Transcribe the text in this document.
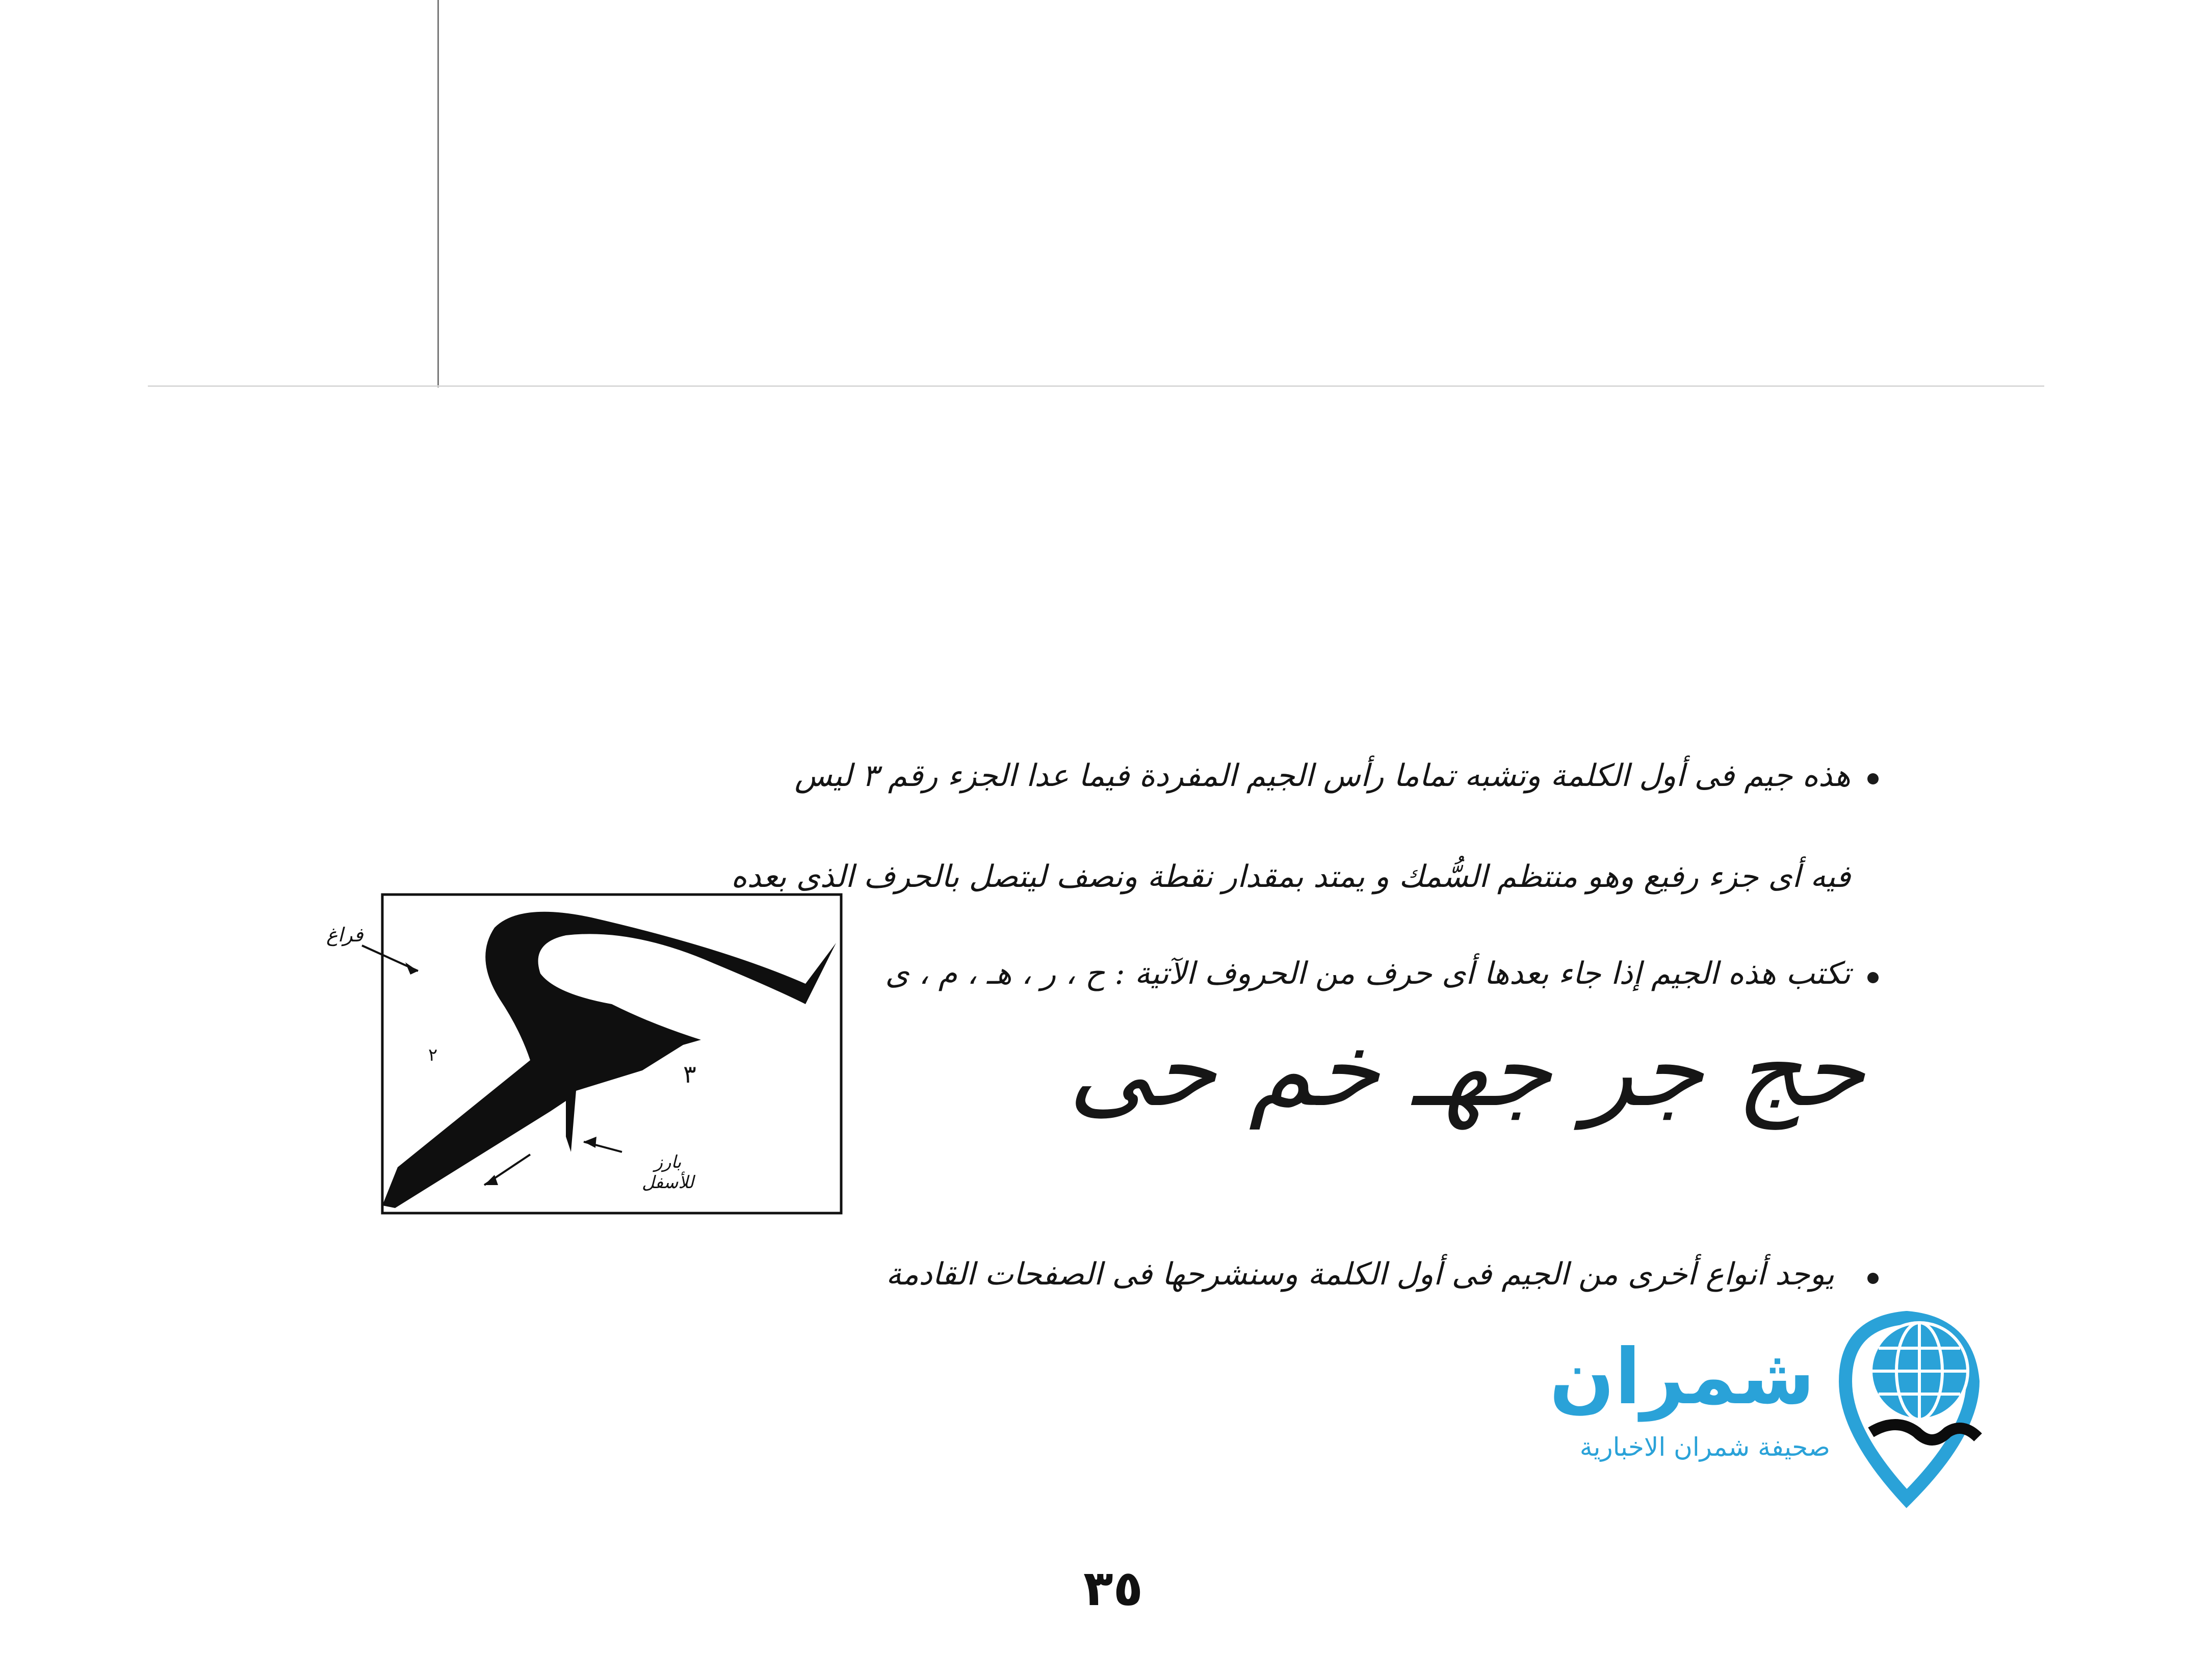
فراغ
بارز للأسفل
٢
٣
هذه جيم فى أول الكلمة وتشبه تماما رأس الجيم المفردة فيما عدا الجزء رقم ٣ ليس
فيه أى جزء رفيع وهو منتظم السُّمك و يمتد بمقدار نقطة ونصف ليتصل بالحرف الذى بعده
تكتب هذه الجيم إذا جاء بعدها أى حرف من الحروف الآتية : ح ، ر ، هـ ، م ، ى
حج جر جهـ خم حى
يوجد أنواع أخرى من الجيم فى أول الكلمة وسنشرحها فى الصفحات القادمة
شمران
صحيفة شمران الاخبارية
٣٥
